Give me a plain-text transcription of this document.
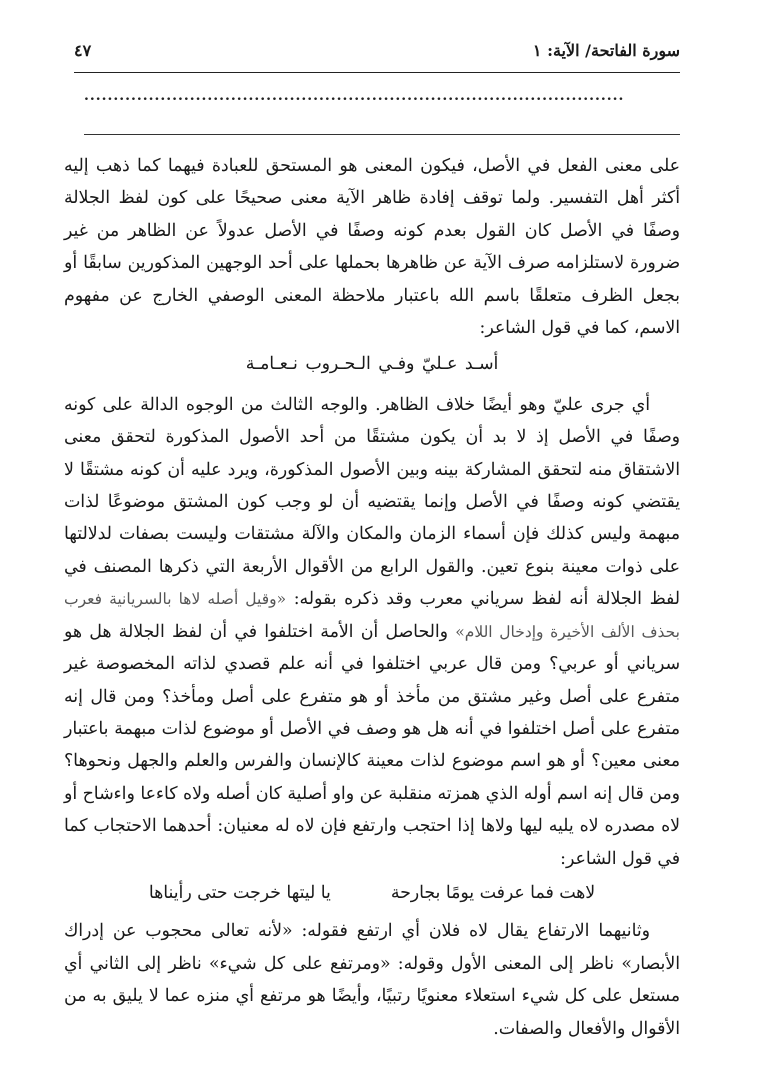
سورة الفاتحة/ الآية: ١
٤٧
............................................................................................

على معنى الفعل في الأصل، فيكون المعنى هو المستحق للعبادة فيهما كما ذهب إليه أكثر أهل التفسير. ولما توقف إفادة ظاهر الآية معنى صحيحًا على كون لفظ الجلالة وصفًا في الأصل كان القول بعدم كونه وصفًا في الأصل عدولاً عن الظاهر من غير ضرورة لاستلزامه صرف الآية عن ظاهرها بحملها على أحد الوجهين المذكورين سابقًا أو بجعل الظرف متعلقًا باسم الله باعتبار ملاحظة المعنى الوصفي الخارج عن مفهوم الاسم، كما في قول الشاعر:

أسـد عـليّ وفـي الـحـروب نـعـامـة

أي جرى عليّ وهو أيضًا خلاف الظاهر. والوجه الثالث من الوجوه الدالة على كونه وصفًا في الأصل إذ لا بد أن يكون مشتقًا من أحد الأصول المذكورة لتحقق معنى الاشتقاق منه لتحقق المشاركة بينه وبين الأصول المذكورة، ويرد عليه أن كونه مشتقًا لا يقتضي كونه وصفًا في الأصل وإنما يقتضيه أن لو وجب كون المشتق موضوعًا لذات مبهمة وليس كذلك فإن أسماء الزمان والمكان والآلة مشتقات وليست بصفات لدلالتها على ذوات معينة بنوع تعين. والقول الرابع من الأقوال الأربعة التي ذكرها المصنف في لفظ الجلالة أنه لفظ سرياني معرب وقد ذكره بقوله: «وقيل أصله لاها بالسريانية فعرب بحذف الألف الأخيرة وإدخال اللام» والحاصل أن الأمة اختلفوا في أن لفظ الجلالة هل هو سرياني أو عربي؟ ومن قال عربي اختلفوا في أنه علم قصدي لذاته المخصوصة غير متفرع على أصل وغير مشتق من مأخذ أو هو متفرع على أصل ومأخذ؟ ومن قال إنه متفرع على أصل اختلفوا في أنه هل هو وصف في الأصل أو موضوع لذات مبهمة باعتبار معنى معين؟ أو هو اسم موضوع لذات معينة كالإنسان والفرس والعلم والجهل ونحوها؟ ومن قال إنه اسم أوله الذي همزته منقلبة عن واو أصلية كان أصله ولاه كاءعا واءشاح أو لاه مصدره لاه يليه ليها ولاها إذا احتجب وارتفع فإن لاه له معنيان: أحدهما الاحتجاب كما في قول الشاعر:

لاهت فما عرفت يومًا بجارحة
يا ليتها خرجت حتى رأيناها

وثانيهما الارتفاع يقال لاه فلان أي ارتفع فقوله: «لأنه تعالى محجوب عن إدراك الأبصار» ناظر إلى المعنى الأول وقوله: «ومرتفع على كل شيء» ناظر إلى الثاني أي مستعل على كل شيء استعلاء معنويًا رتبيًا، وأيضًا هو مرتفع أي منزه عما لا يليق به من الأقوال والأفعال والصفات.
